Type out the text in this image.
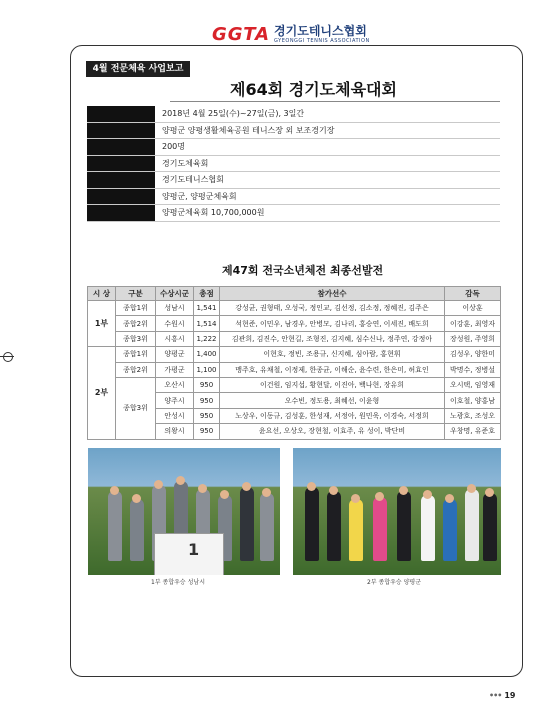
GGTA 경기도테니스협회
GYEONGGI TENNIS ASSOCIATION
4월 전문체육 사업보고
제64회 경기도체육대회
2018년 4월 25일(수)~27일(금), 3일간
양평군 양평생활체육공원 테니스장 외 보조경기장
200명
경기도체육회
경기도테니스협회
양평군, 양평군체육회
양평군체육회 10,700,000원
제47회 전국소년체전 최종선발전
시 상	구분	수상시군	총점	참가선수	감독
1부	종합1위	성남시	1,541	강성균, 권형태, 오성국, 정인교, 김선정, 김소정, 정혜진, 김주은	이상훈
	종합2위	수원시	1,514	석현준, 이민우, 남경우, 안병모, 김나리, 홍승연, 이세진, 배도희	이강훈, 최영자
	종합3위	시흥시	1,222	김관희, 김진수, 안현길, 조형진, 김지혜, 심수신나, 정주연, 강정아	장성원, 주영희
2부	종합1위	양평군	1,400	이현호, 정빈, 조용규, 신지혜, 심아람, 홍현휘	김성우, 양한미
	종합2위	가평군	1,100	맹주호, 유채철, 이정제, 한종균, 이해순, 윤수련, 한은미, 허효인	박명수, 정병설
	종합3위	오산시	950	이건원, 임지섭, 황현달, 이진아, 백나현, 장유희	오시택, 임영재
		양주시	950	오수빈, 정도용, 최혜선, 이윤형	이호철, 양홍남
		안성시	950	노상우, 이동규, 김성훈, 한성재, 서정아, 원민욱, 이경숙, 서정희	노광호, 조성오
		의왕시	950	윤요선, 오상오, 장현철, 이효주, 유 성이, 박단비	우창명, 유준호
1
1부 종합우승 성남시	2부 종합우승 양평군
••• 19
